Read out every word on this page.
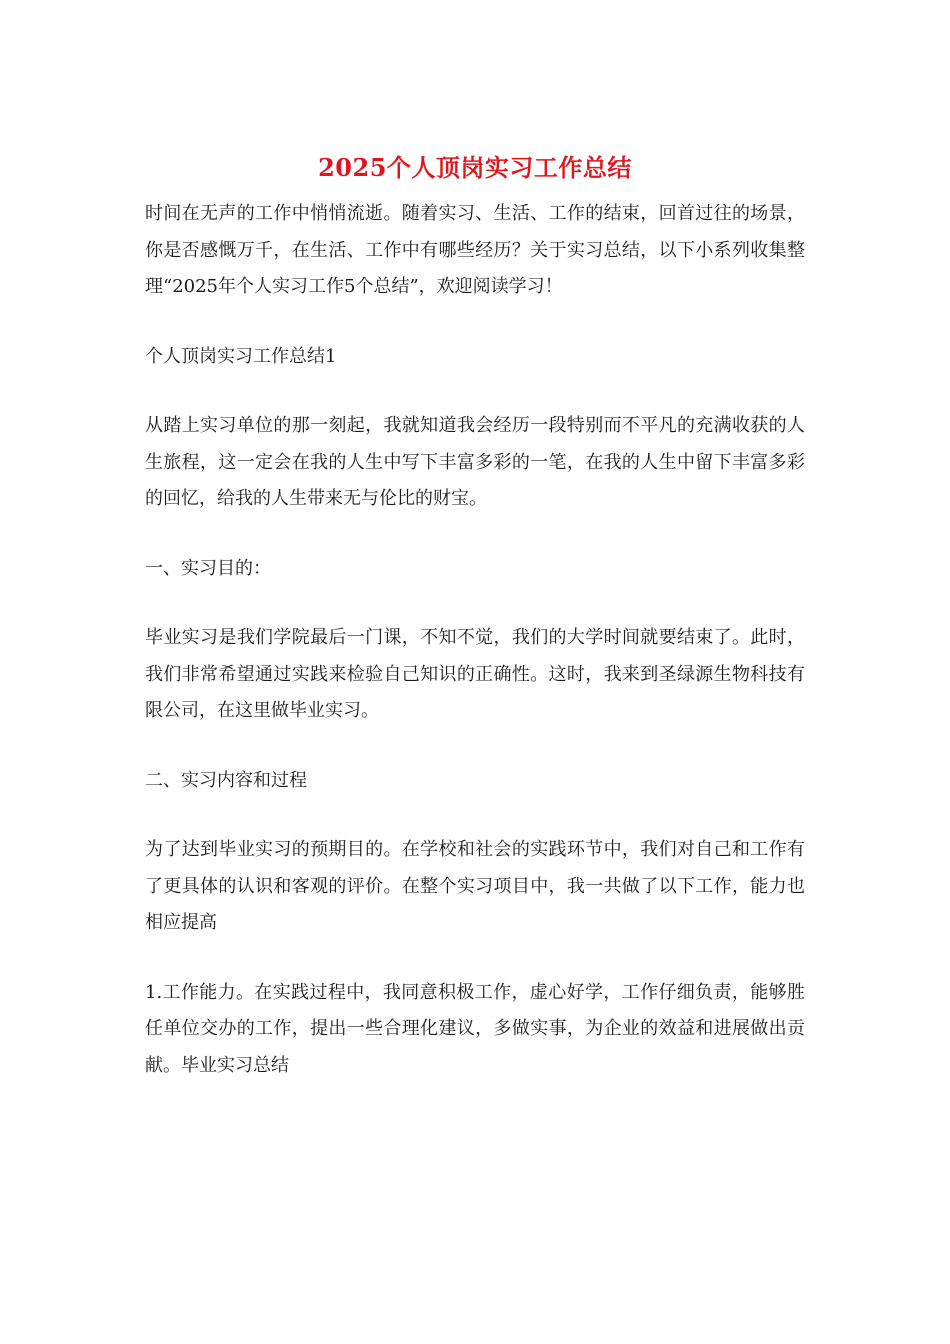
2025个人顶岗实习工作总结

时间在无声的工作中悄悄流逝。随着实习、生活、工作的结束，回首过往的场景，你是否感慨万千，在生活、工作中有哪些经历？关于实习总结，以下小系列收集整理“2025年个人实习工作5个总结”，欢迎阅读学习！

个人顶岗实习工作总结1

从踏上实习单位的那一刻起，我就知道我会经历一段特别而不平凡的充满收获的人生旅程，这一定会在我的人生中写下丰富多彩的一笔，在我的人生中留下丰富多彩的回忆，给我的人生带来无与伦比的财宝。

一、实习目的：

毕业实习是我们学院最后一门课，不知不觉，我们的大学时间就要结束了。此时，我们非常希望通过实践来检验自己知识的正确性。这时，我来到圣绿源生物科技有限公司，在这里做毕业实习。

二、实习内容和过程

为了达到毕业实习的预期目的。在学校和社会的实践环节中，我们对自己和工作有了更具体的认识和客观的评价。在整个实习项目中，我一共做了以下工作，能力也相应提高

1.工作能力。在实践过程中，我同意积极工作，虚心好学，工作仔细负责，能够胜任单位交办的工作，提出一些合理化建议，多做实事，为企业的效益和进展做出贡献。毕业实习总结
